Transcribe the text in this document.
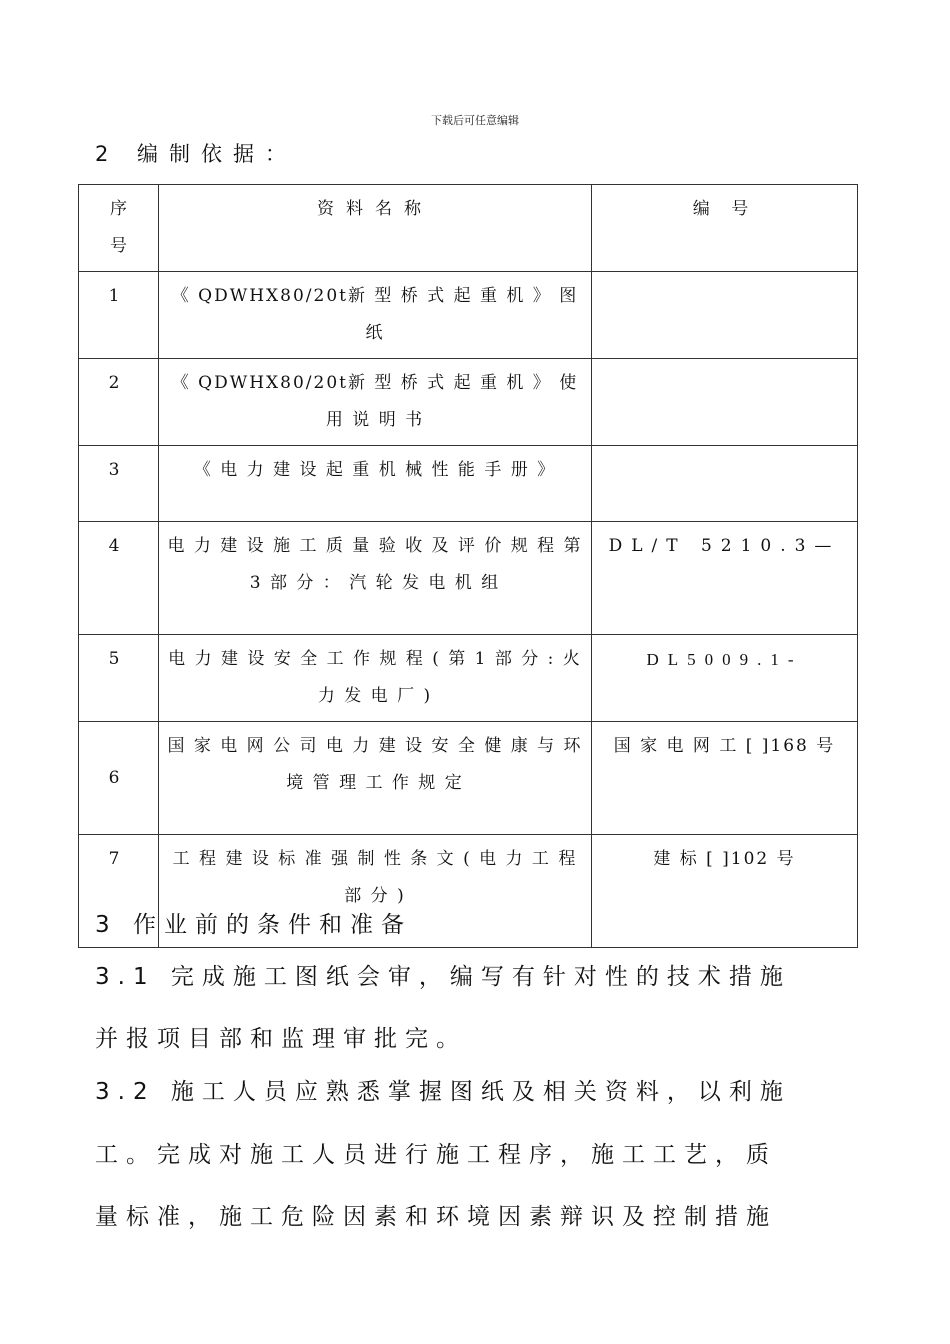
下载后可任意编辑
2 编制依据：
序号	资料名称	编 号
1	《 QDWHX80/20t新 型 桥 式 起 重 机 》 图 纸	
2	《 QDWHX80/20t新 型 桥 式 起 重 机 》 使 用 说 明 书	
3	《 电 力 建 设 起 重 机 械 性 能 手 册 》	
4	电 力 建 设 施 工 质 量 验 收 及 评 价 规 程 第 3 部 分 ： 汽 轮 发 电 机 组	DL/T 5210.3—
5	电 力 建 设 安 全 工 作 规 程 ( 第 1 部 分 : 火 力 发 电 厂 )	DL5009.1-
6	国 家 电 网 公 司 电 力 建 设 安 全 健 康 与 环 境 管 理 工 作 规 定	国 家 电 网 工 [ ]168 号
7	工 程 建 设 标 准 强 制 性 条 文 ( 电 力 工 程 部 分 )	建 标 [ ]102 号

3 作业前的条件和准备

3.1 完成施工图纸会审，编写有针对性的技术措施

并报项目部和监理审批完。

3.2 施工人员应熟悉掌握图纸及相关资料，以利施

工。完成对施工人员进行施工程序，施工工艺，质

量标准，施工危险因素和环境因素辩识及控制措施
